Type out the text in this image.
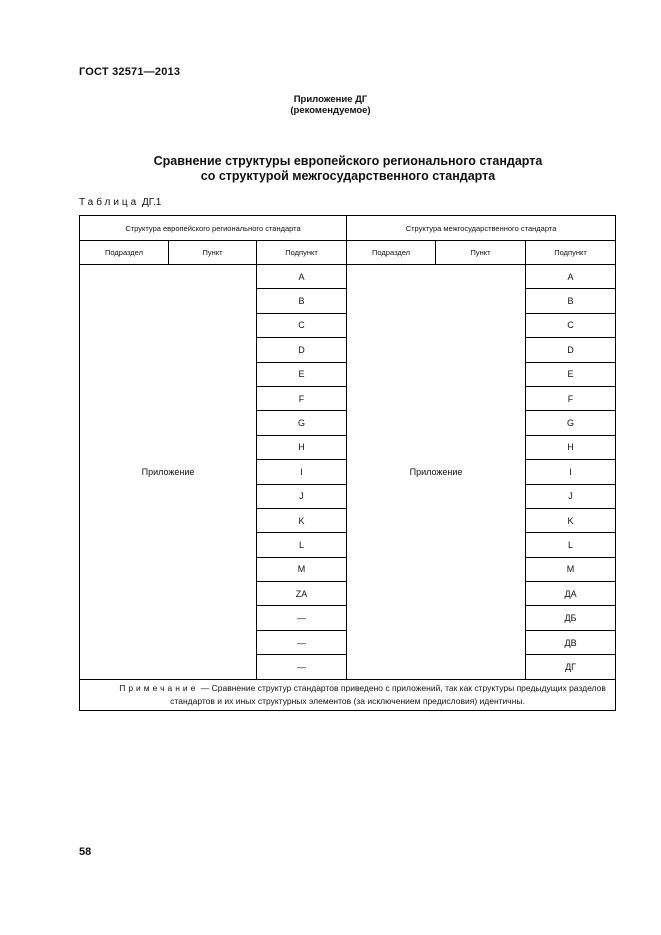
ГОСТ 32571—2013
Приложение ДГ
(рекомендуемое)
Сравнение структуры европейского регионального стандарта
со структурой межгосударственного стандарта
Таблица ДГ.1
Структура европейского регионального стандарта			Структура межгосударственного стандарта		
Подраздел	Пункт	Подпункт	Подраздел	Пункт	Подпункт
Приложение		A	Приложение		A
		B			B
		C			C
		D			D
		E			E
		F			F
		G			G
		H			H
		I			I
		J			J
		K			K
		L			L
		M			M
		ZA			ДА
		—			ДБ
		—			ДВ
		—			ДГ
Примечание — Сравнение структур стандартов приведено с приложений, так как структуры предыдущих разделов стандартов и их иных структурных элементов (за исключением предисловия) идентичны.					
58
